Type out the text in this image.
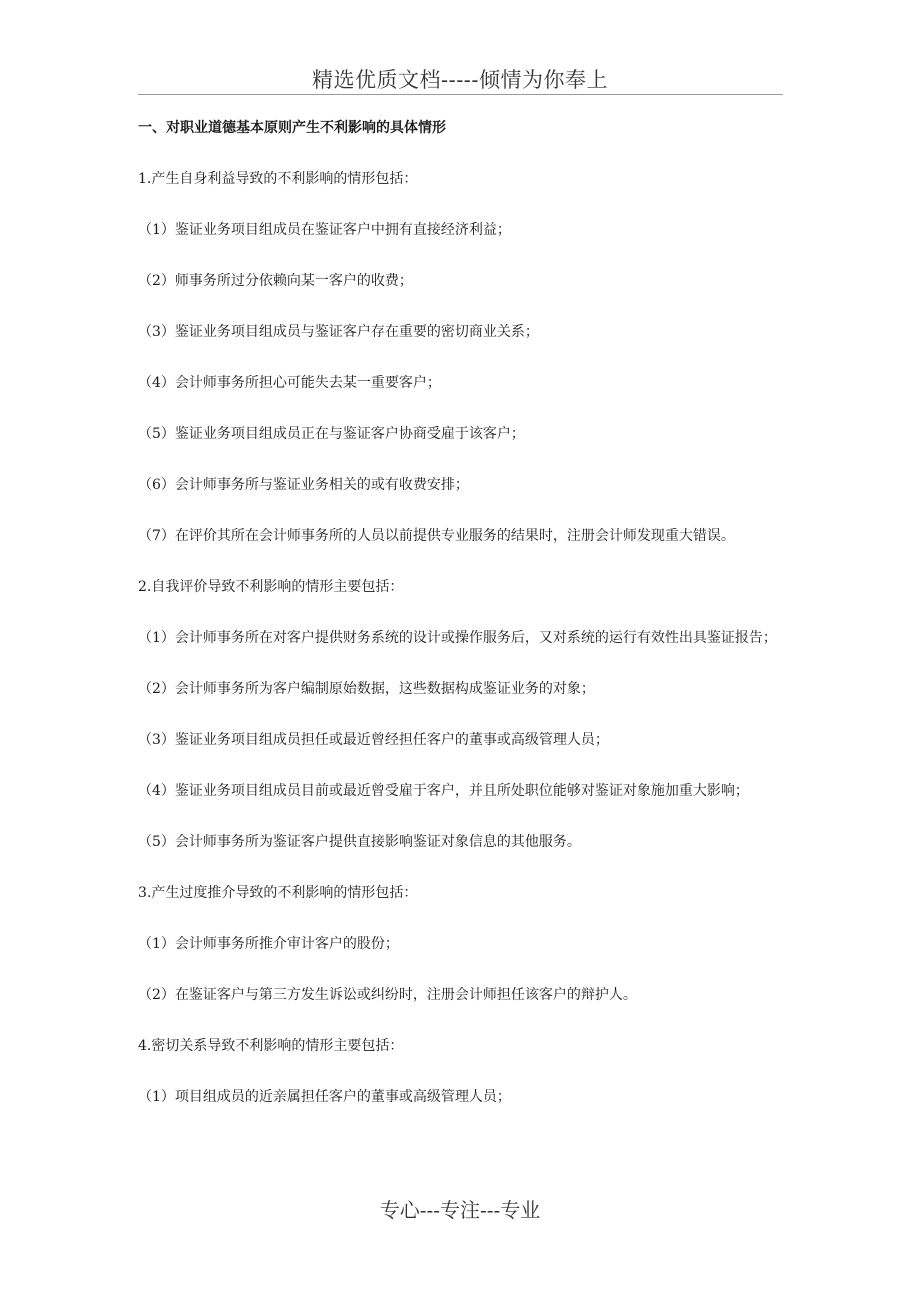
精选优质文档-----倾情为你奉上
一、对职业道德基本原则产生不利影响的具体情形

1.产生自身利益导致的不利影响的情形包括：

（1）鉴证业务项目组成员在鉴证客户中拥有直接经济利益；

（2）师事务所过分依赖向某一客户的收费；

（3）鉴证业务项目组成员与鉴证客户存在重要的密切商业关系；

（4）会计师事务所担心可能失去某一重要客户；

（5）鉴证业务项目组成员正在与鉴证客户协商受雇于该客户；

（6）会计师事务所与鉴证业务相关的或有收费安排；

（7）在评价其所在会计师事务所的人员以前提供专业服务的结果时，注册会计师发现重大错误。

2.自我评价导致不利影响的情形主要包括：

（1）会计师事务所在对客户提供财务系统的设计或操作服务后，又对系统的运行有效性出具鉴证报告；

（2）会计师事务所为客户编制原始数据，这些数据构成鉴证业务的对象；

（3）鉴证业务项目组成员担任或最近曾经担任客户的董事或高级管理人员；

（4）鉴证业务项目组成员目前或最近曾受雇于客户，并且所处职位能够对鉴证对象施加重大影响；

（5）会计师事务所为鉴证客户提供直接影响鉴证对象信息的其他服务。

3.产生过度推介导致的不利影响的情形包括：

（1）会计师事务所推介审计客户的股份；

（2）在鉴证客户与第三方发生诉讼或纠纷时，注册会计师担任该客户的辩护人。

4.密切关系导致不利影响的情形主要包括：

（1）项目组成员的近亲属担任客户的董事或高级管理人员；

专心---专注---专业
